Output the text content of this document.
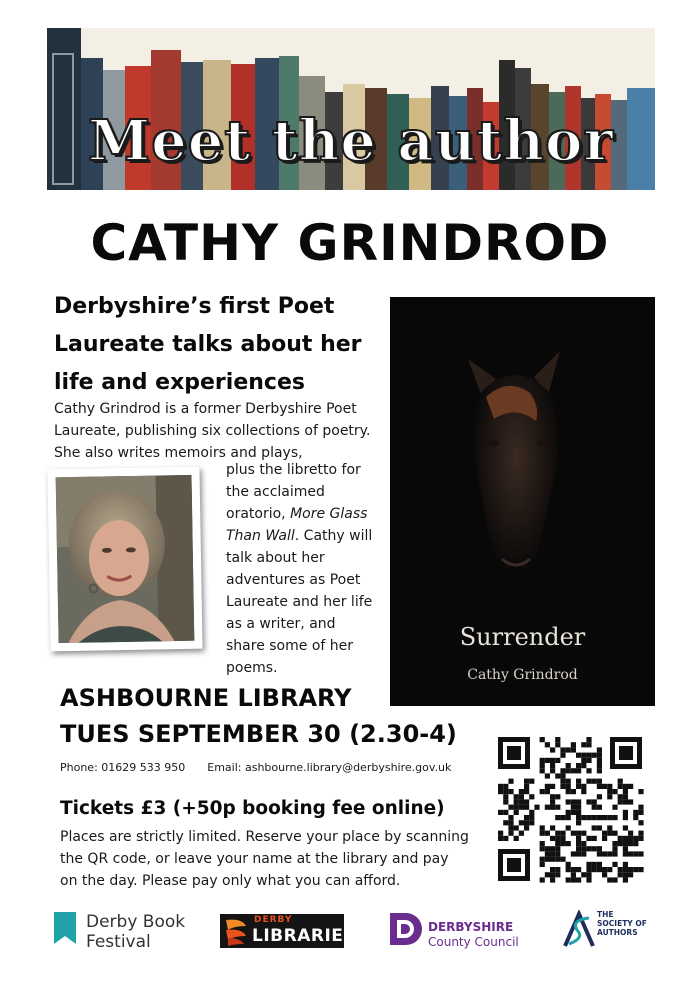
Meet the author
CATHY GRINDROD
Derbyshire’s first Poet Laureate talks about her life and experiences
Cathy Grindrod is a former Derbyshire Poet Laureate, publishing six collections of poetry. She also writes memoirs and plays,
plus the libretto for the acclaimed oratorio, More Glass Than Wall. Cathy will talk about her adventures as Poet Laureate and her life as a writer, and share some of her poems.
Surrender
Cathy Grindrod
ASHBOURNE LIBRARY
TUES SEPTEMBER 30 (2.30-4)
Phone: 01629 533 950 Email: ashbourne.library@derbyshire.gov.uk
Tickets £3 (+50p booking fee online)
Places are strictly limited. Reserve your place by scanning the QR code, or leave your name at the library and pay on the day. Please pay only what you can afford.
Derby Book
Festival
DERBY
LIBRARIES	DERBYSHIRE
County Council
THE
SOCIETY OF
AUTHORS
